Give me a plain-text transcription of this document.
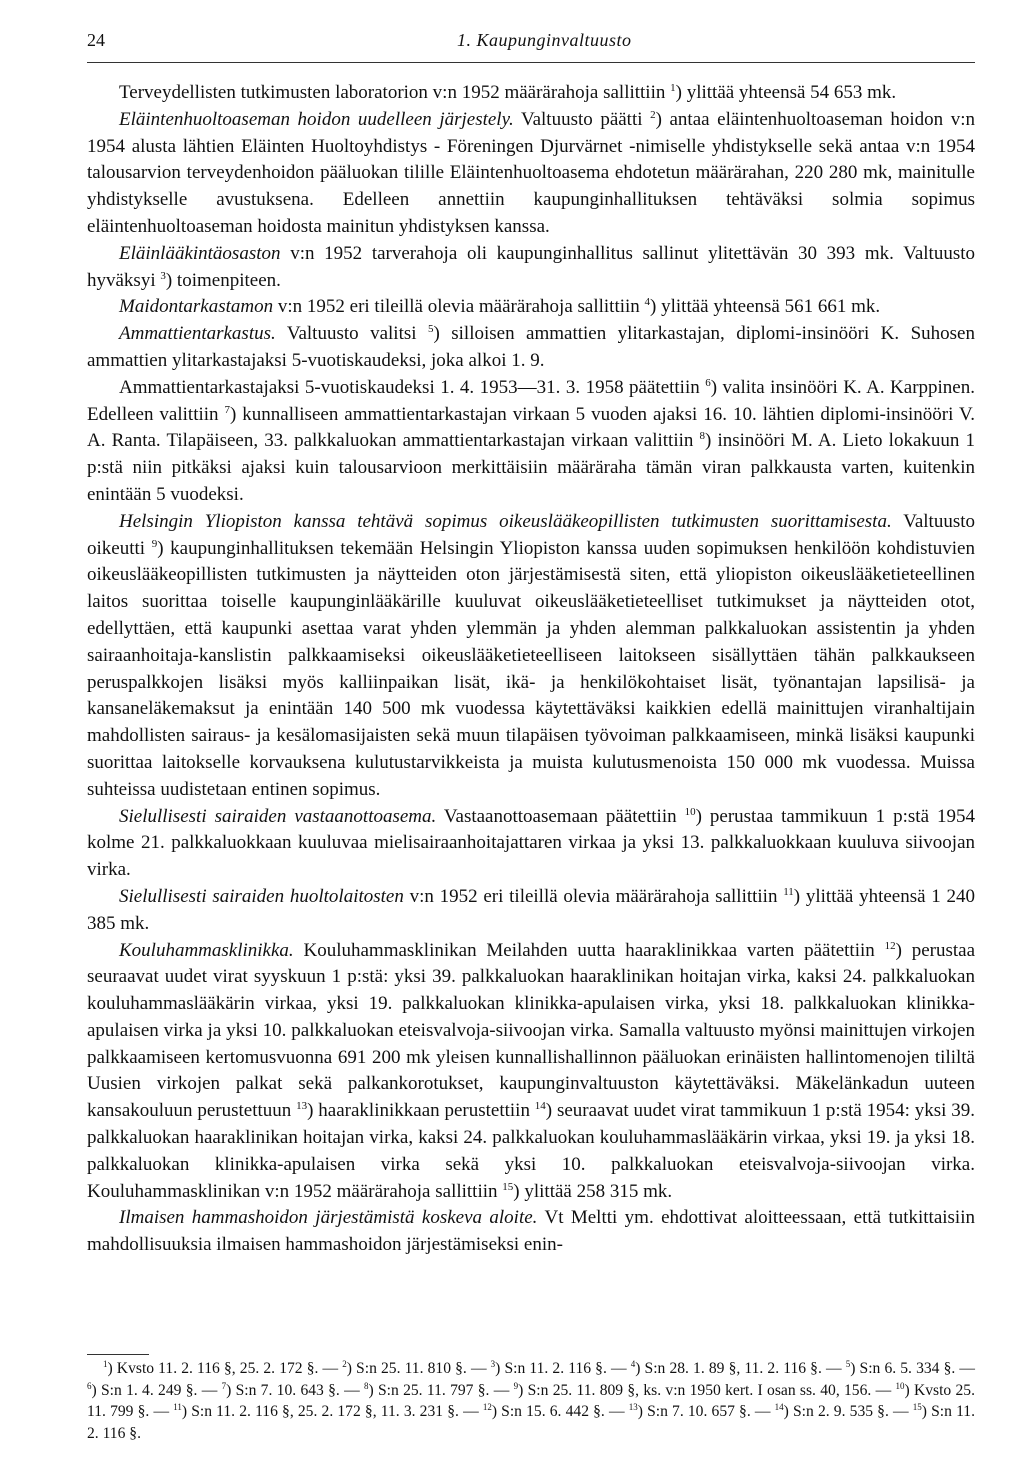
24	1. Kaupunginvaltuusto

Terveydellisten tutkimusten laboratorion v:n 1952 määrärahoja sallittiin $^1$) ylittää yhteensä 54 653 mk.

Eläintenhuoltoaseman hoidon uudelleen järjestely. Valtuusto päätti $^2$) antaa eläintenhuoltoaseman hoidon v:n 1954 alusta lähtien Eläinten Huoltoyhdistys - Föreningen Djurvärnet -nimiselle yhdistykselle sekä antaa v:n 1954 talousarvion terveydenhoidon pääluokan tilille Eläintenhuoltoasema ehdotetun määrärahan, 220 280 mk, mainitulle yhdistykselle avustuksena. Edelleen annettiin kaupunginhallituksen tehtäväksi solmia sopimus eläintenhuoltoaseman hoidosta mainitun yhdistyksen kanssa.

Eläinlääkintäosaston v:n 1952 tarverahoja oli kaupunginhallitus sallinut ylitettävän 30 393 mk. Valtuusto hyväksyi $^3$) toimenpiteen.

Maidontarkastamon v:n 1952 eri tileillä olevia määrärahoja sallittiin $^4$) ylittää yhteensä 561 661 mk.

Ammattientarkastus. Valtuusto valitsi $^5$) silloisen ammattien ylitarkastajan, diplomi-insinööri K. Suhosen ammattien ylitarkastajaksi 5-vuotiskaudeksi, joka alkoi 1. 9.

Ammattientarkastajaksi 5-vuotiskaudeksi 1. 4. 1953—31. 3. 1958 päätettiin $^6$) valita insinööri K. A. Karppinen. Edelleen valittiin $^7$) kunnalliseen ammattientarkastajan virkaan 5 vuoden ajaksi 16. 10. lähtien diplomi-insinööri V. A. Ranta. Tilapäiseen, 33. palkkaluokan ammattientarkastajan virkaan valittiin $^8$) insinööri M. A. Lieto lokakuun 1 p:stä niin pitkäksi ajaksi kuin talousarvioon merkittäisiin määräraha tämän viran palkkausta varten, kuitenkin enintään 5 vuodeksi.

Helsingin Yliopiston kanssa tehtävä sopimus oikeuslääkeopillisten tutkimusten suorittamisesta. Valtuusto oikeutti $^9$) kaupunginhallituksen tekemään Helsingin Yliopiston kanssa uuden sopimuksen henkilöön kohdistuvien oikeuslääkeopillisten tutkimusten ja näytteiden oton järjestämisestä siten, että yliopiston oikeuslääketieteellinen laitos suorittaa toiselle kaupunginlääkärille kuuluvat oikeuslääketieteelliset tutkimukset ja näytteiden otot, edellyttäen, että kaupunki asettaa varat yhden ylemmän ja yhden alemman palkkaluokan assistentin ja yhden sairaanhoitaja-kanslistin palkkaamiseksi oikeuslääketieteelliseen laitokseen sisällyttäen tähän palkkaukseen peruspalkkojen lisäksi myös kalliinpaikan lisät, ikä- ja henkilökohtaiset lisät, työnantajan lapsilisä- ja kansaneläkemaksut ja enintään 140 500 mk vuodessa käytettäväksi kaikkien edellä mainittujen viranhaltijain mahdollisten sairaus- ja kesälomasijaisten sekä muun tilapäisen työvoiman palkkaamiseen, minkä lisäksi kaupunki suorittaa laitokselle korvauksena kulutustarvikkeista ja muista kulutusmenoista 150 000 mk vuodessa. Muissa suhteissa uudistetaan entinen sopimus.

Sielullisesti sairaiden vastaanottoasema. Vastaanottoasemaan päätettiin $^{10}$) perustaa tammikuun 1 p:stä 1954 kolme 21. palkkaluokkaan kuuluvaa mielisairaanhoitajattaren virkaa ja yksi 13. palkkaluokkaan kuuluva siivoojan virka.

Sielullisesti sairaiden huoltolaitosten v:n 1952 eri tileillä olevia määrärahoja sallittiin $^{11}$) ylittää yhteensä 1 240 385 mk.

Kouluhammasklinikka. Kouluhammasklinikan Meilahden uutta haaraklinikkaa varten päätettiin $^{12}$) perustaa seuraavat uudet virat syyskuun 1 p:stä: yksi 39. palkkaluokan haaraklinikan hoitajan virka, kaksi 24. palkkaluokan kouluhammaslääkärin virkaa, yksi 19. palkkaluokan klinikka-apulaisen virka, yksi 18. palkkaluokan klinikka-apulaisen virka ja yksi 10. palkkaluokan eteisvalvoja-siivoojan virka. Samalla valtuusto myönsi mainittujen virkojen palkkaamiseen kertomusvuonna 691 200 mk yleisen kunnallishallinnon pääluokan erinäisten hallintomenojen tililtä Uusien virkojen palkat sekä palkankorotukset, kaupunginvaltuuston käytettäväksi. Mäkelänkadun uuteen kansakouluun perustettuun $^{13}$) haaraklinikkaan perustettiin $^{14}$) seuraavat uudet virat tammikuun 1 p:stä 1954: yksi 39. palkkaluokan haaraklinikan hoitajan virka, kaksi 24. palkkaluokan kouluhammaslääkärin virkaa, yksi 19. ja yksi 18. palkkaluokan klinikka-apulaisen virka sekä yksi 10. palkkaluokan eteisvalvoja-siivoojan virka. Kouluhammasklinikan v:n 1952 määrärahoja sallittiin $^{15}$) ylittää 258 315 mk.

Ilmaisen hammashoidon järjestämistä koskeva aloite. Vt Meltti ym. ehdottivat aloitteessaan, että tutkittaisiin mahdollisuuksia ilmaisen hammashoidon järjestämiseksi enin-

$^1$) Kvsto 11. 2. 116 §, 25. 2. 172 §. — $^2$) S:n 25. 11. 810 §. — $^3$) S:n 11. 2. 116 §. — $^4$) S:n 28. 1. 89 §, 11. 2. 116 §. — $^5$) S:n 6. 5. 334 §. — $^6$) S:n 1. 4. 249 §. — $^7$) S:n 7. 10. 643 §. — $^8$) S:n 25. 11. 797 §. — $^9$) S:n 25. 11. 809 §, ks. v:n 1950 kert. I osan ss. 40, 156. — $^{10}$) Kvsto 25. 11. 799 §. — $^{11}$) S:n 11. 2. 116 §, 25. 2. 172 §, 11. 3. 231 §. — $^{12}$) S:n 15. 6. 442 §. — $^{13}$) S:n 7. 10. 657 §. — $^{14}$) S:n 2. 9. 535 §. — $^{15}$) S:n 11. 2. 116 §.
